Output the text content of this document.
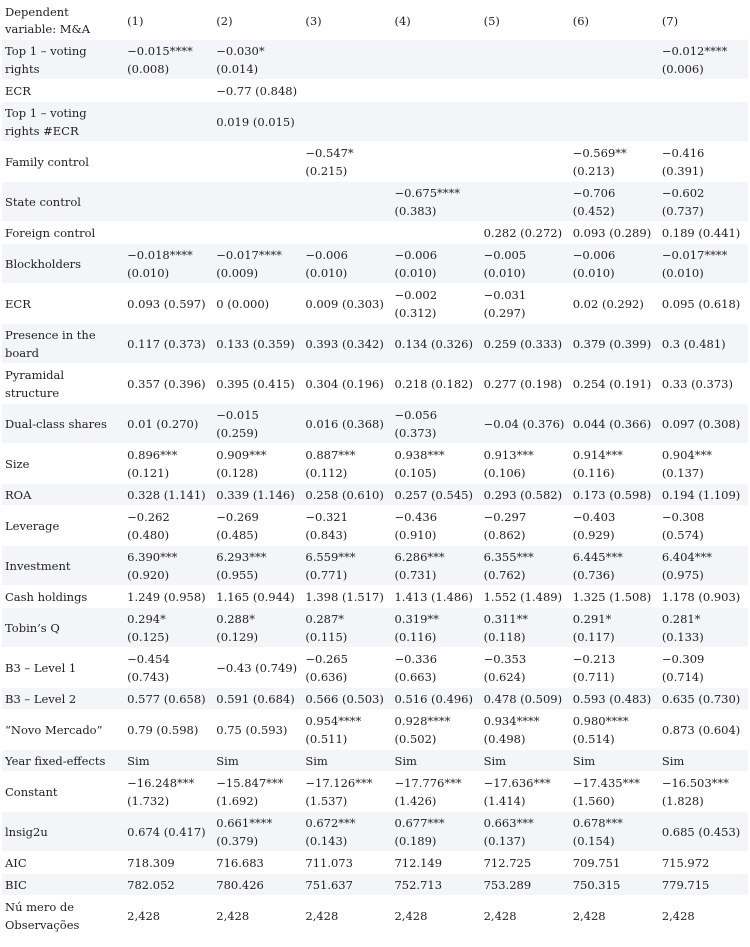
Dependent variable: M&A	(1)	(2)	(3)	(4)	(5)	(6)	(7)
Top 1 – voting rights	−0.015**** (0.008)	−0.030* (0.014)					−0.012**** (0.006)
ECR		−0.77 (0.848)					
Top 1 – voting rights #ECR		0.019 (0.015)					
Family control			−0.547* (0.215)			−0.569** (0.213)	−0.416 (0.391)
State control				−0.675**** (0.383)		−0.706 (0.452)	−0.602 (0.737)
Foreign control					0.282 (0.272)	0.093 (0.289)	0.189 (0.441)
Blockholders	−0.018**** (0.010)	−0.017**** (0.009)	−0.006 (0.010)	−0.006 (0.010)	−0.005 (0.010)	−0.006 (0.010)	−0.017**** (0.010)
ECR	0.093 (0.597)	0 (0.000)	0.009 (0.303)	−0.002 (0.312)	−0.031 (0.297)	0.02 (0.292)	0.095 (0.618)
Presence in the board	0.117 (0.373)	0.133 (0.359)	0.393 (0.342)	0.134 (0.326)	0.259 (0.333)	0.379 (0.399)	0.3 (0.481)
Pyramidal structure	0.357 (0.396)	0.395 (0.415)	0.304 (0.196)	0.218 (0.182)	0.277 (0.198)	0.254 (0.191)	0.33 (0.373)
Dual-class shares	0.01 (0.270)	−0.015 (0.259)	0.016 (0.368)	−0.056 (0.373)	−0.04 (0.376)	0.044 (0.366)	0.097 (0.308)
Size	0.896*** (0.121)	0.909*** (0.128)	0.887*** (0.112)	0.938*** (0.105)	0.913*** (0.106)	0.914*** (0.116)	0.904*** (0.137)
ROA	0.328 (1.141)	0.339 (1.146)	0.258 (0.610)	0.257 (0.545)	0.293 (0.582)	0.173 (0.598)	0.194 (1.109)
Leverage	−0.262 (0.480)	−0.269 (0.485)	−0.321 (0.843)	−0.436 (0.910)	−0.297 (0.862)	−0.403 (0.929)	−0.308 (0.574)
Investment	6.390*** (0.920)	6.293*** (0.955)	6.559*** (0.771)	6.286*** (0.731)	6.355*** (0.762)	6.445*** (0.736)	6.404*** (0.975)
Cash holdings	1.249 (0.958)	1.165 (0.944)	1.398 (1.517)	1.413 (1.486)	1.552 (1.489)	1.325 (1.508)	1.178 (0.903)
Tobin’s Q	0.294* (0.125)	0.288* (0.129)	0.287* (0.115)	0.319** (0.116)	0.311** (0.118)	0.291* (0.117)	0.281* (0.133)
B3 – Level 1	−0.454 (0.743)	−0.43 (0.749)	−0.265 (0.636)	−0.336 (0.663)	−0.353 (0.624)	−0.213 (0.711)	−0.309 (0.714)
B3 – Level 2	0.577 (0.658)	0.591 (0.684)	0.566 (0.503)	0.516 (0.496)	0.478 (0.509)	0.593 (0.483)	0.635 (0.730)
“Novo Mercado”	0.79 (0.598)	0.75 (0.593)	0.954**** (0.511)	0.928**** (0.502)	0.934**** (0.498)	0.980**** (0.514)	0.873 (0.604)
Year fixed-effects	Sim	Sim	Sim	Sim	Sim	Sim	Sim
Constant	−16.248*** (1.732)	−15.847*** (1.692)	−17.126*** (1.537)	−17.776*** (1.426)	−17.636*** (1.414)	−17.435*** (1.560)	−16.503*** (1.828)
lnsig2u	0.674 (0.417)	0.661**** (0.379)	0.672*** (0.143)	0.677*** (0.189)	0.663*** (0.137)	0.678*** (0.154)	0.685 (0.453)
AIC	718.309	716.683	711.073	712.149	712.725	709.751	715.972
BIC	782.052	780.426	751.637	752.713	753.289	750.315	779.715
Nú mero de Observações	2,428	2,428	2,428	2,428	2,428	2,428	2,428
